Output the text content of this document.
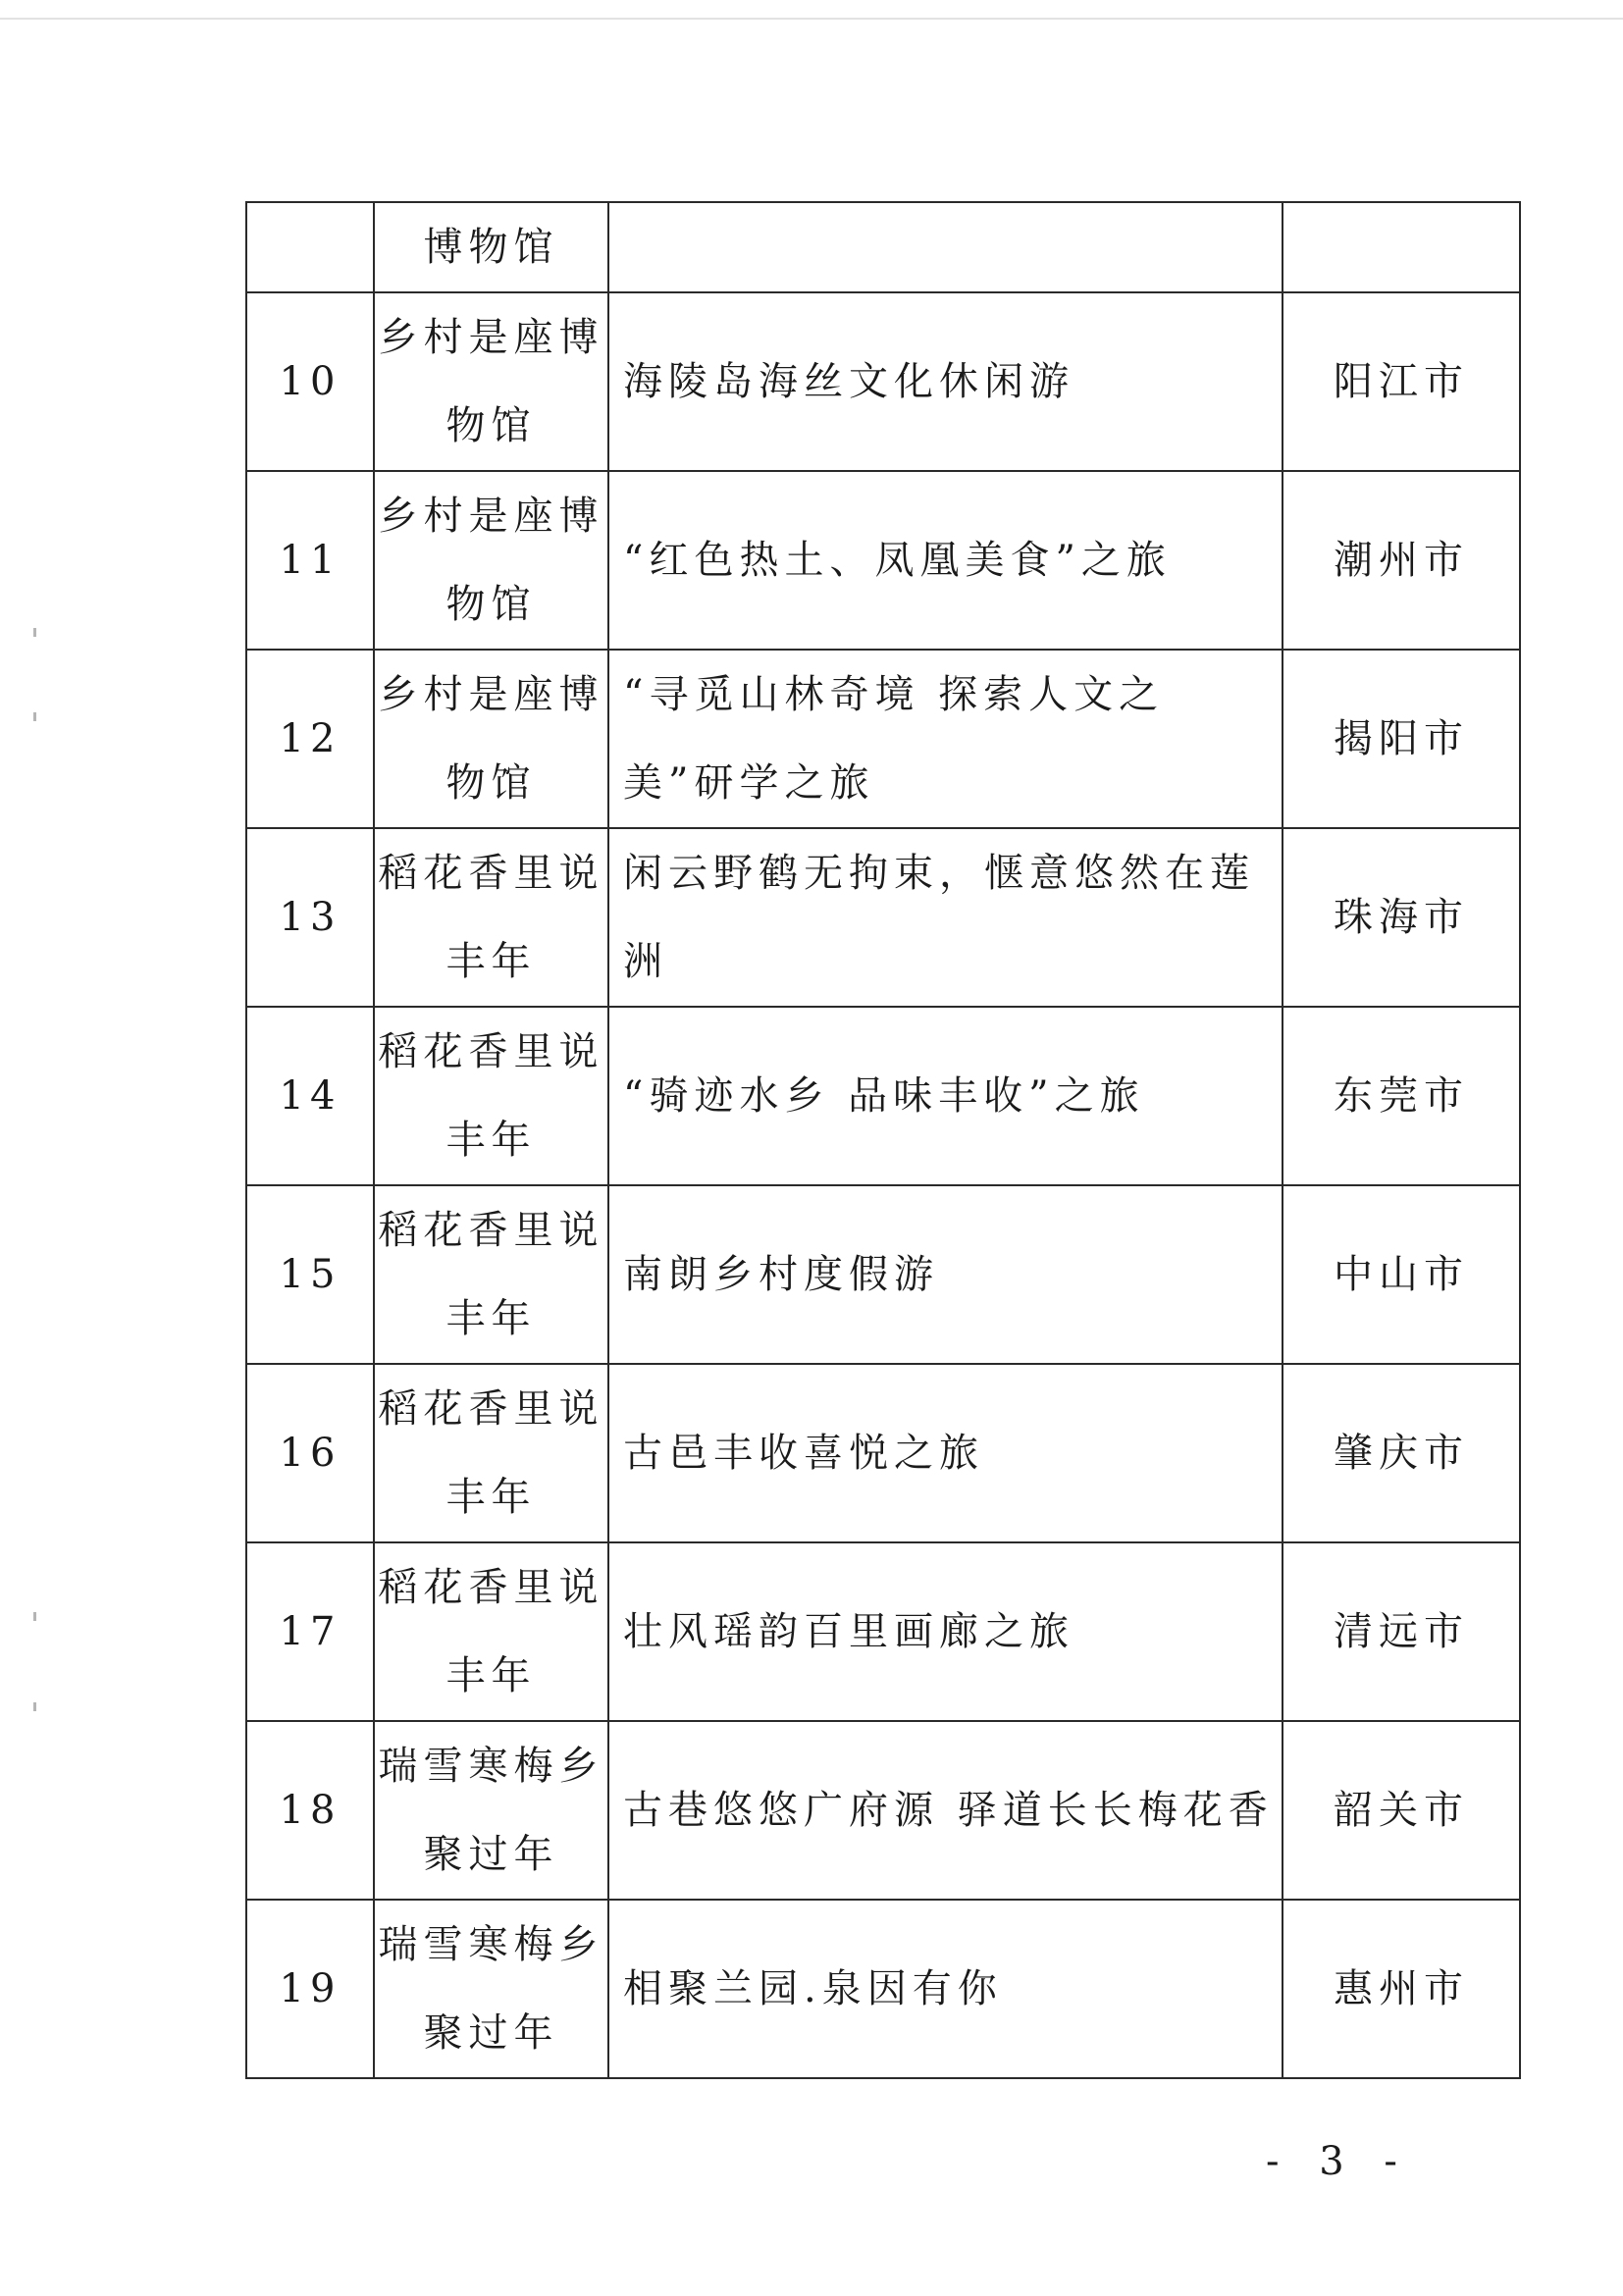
	博物馆		
10	乡村是座博物馆	海陵岛海丝文化休闲游	阳江市
11	乡村是座博物馆	“红色热土、凤凰美食”之旅	潮州市
12	乡村是座博物馆	“寻觅山林奇境 探索人文之美”研学之旅	揭阳市
13	稻花香里说丰年	闲云野鹤无拘束，惬意悠然在莲洲	珠海市
14	稻花香里说丰年	“骑迹水乡 品味丰收”之旅	东莞市
15	稻花香里说丰年	南朗乡村度假游	中山市
16	稻花香里说丰年	古邑丰收喜悦之旅	肇庆市
17	稻花香里说丰年	壮风瑶韵百里画廊之旅	清远市
18	瑞雪寒梅乡聚过年	古巷悠悠广府源 驿道长长梅花香	韶关市
19	瑞雪寒梅乡聚过年	相聚兰园.泉因有你	惠州市
- 3 -
